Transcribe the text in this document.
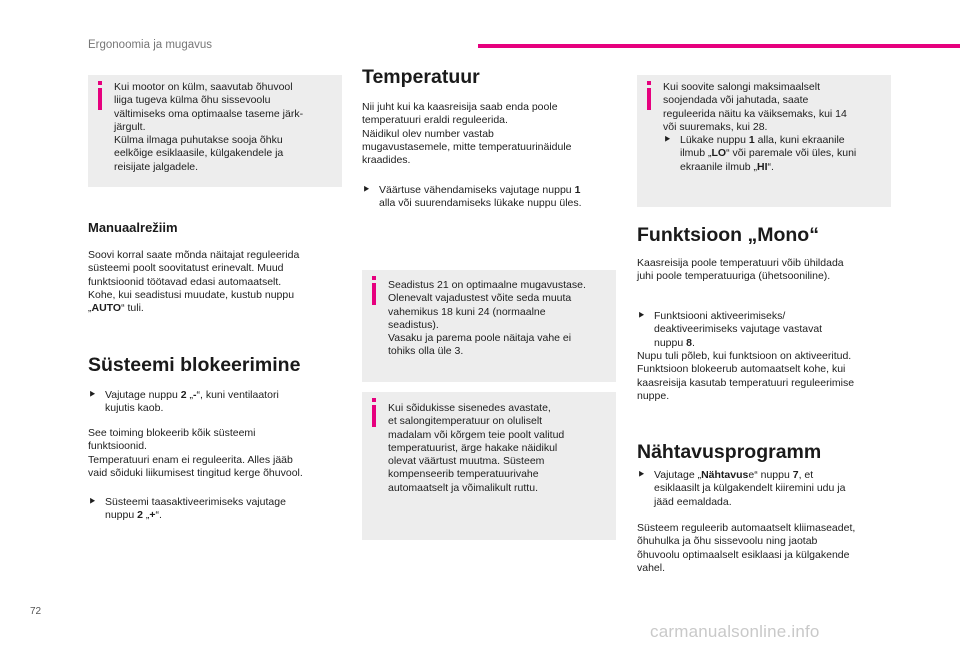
Ergonoomia ja mugavus
Kui mootor on külm, saavutab õhuvool
liiga tugeva külma õhu sissevoolu
vältimiseks oma optimaalse taseme järk-
järgult.
Külma ilmaga puhutakse sooja õhku
eelkõige esiklaasile, külgakendele ja
reisijate jalgadele.
Manuaalrežiim
Soovi korral saate mõnda näitajat reguleerida
süsteemi poolt soovitatust erinevalt. Muud
funktsioonid töötavad edasi automaatselt.
Kohe, kui seadistusi muudate, kustub nuppu
„AUTO“ tuli.
Süsteemi blokeerimine
⯈ Vajutage nuppu 2 „-“, kuni ventilaatori
kujutis kaob.
See toiming blokeerib kõik süsteemi
funktsioonid.
Temperatuuri enam ei reguleerita. Alles jääb
vaid sõiduki liikumisest tingitud kerge õhuvool.
⯈ Süsteemi taasaktiveerimiseks vajutage
nuppu 2 „+“.
Temperatuur
Nii juht kui ka kaasreisija saab enda poole
temperatuuri eraldi reguleerida.
Näidikul olev number vastab
mugavustasemele, mitte temperatuurinäidule
kraadides.
⯈ Väärtuse vähendamiseks vajutage nuppu 1
alla või suurendamiseks lükake nuppu üles.
Seadistus 21 on optimaalne mugavustase.
Olenevalt vajadustest võite seda muuta
vahemikus 18 kuni 24 (normaalne
seadistus).
Vasaku ja parema poole näitaja vahe ei
tohiks olla üle 3.
Kui sõidukisse sisenedes avastate,
et salongitemperatuur on oluliselt
madalam või kõrgem teie poolt valitud
temperatuurist, ärge hakake näidikul
olevat väärtust muutma. Süsteem
kompenseerib temperatuurivahe
automaatselt ja võimalikult ruttu.
Kui soovite salongi maksimaalselt
soojendada või jahutada, saate
reguleerida näitu ka väiksemaks, kui 14
või suuremaks, kui 28.
⯈ Lükake nuppu 1 alla, kuni ekraanile
ilmub „LO“ või paremale või üles, kuni
ekraanile ilmub „HI“.
Funktsioon „Mono“
Kaasreisija poole temperatuuri võib ühildada
juhi poole temperatuuriga (ühetsooniline).
⯈ Funktsiooni aktiveerimiseks/
deaktiveerimiseks vajutage vastavat
nuppu 8.
Nupu tuli põleb, kui funktsioon on aktiveeritud.
Funktsioon blokeerub automaatselt kohe, kui
kaasreisija kasutab temperatuuri reguleerimise
nuppe.
Nähtavusprogramm
⯈ Vajutage „Nähtavuse“ nuppu 7, et
esiklaasilt ja külgakendelt kiiremini udu ja
jääd eemaldada.
Süsteem reguleerib automaatselt kliimaseadet,
õhuhulka ja õhu sissevoolu ning jaotab
õhuvoolu optimaalselt esiklaasi ja külgakende
vahel.
72
carmanualsonline.info
